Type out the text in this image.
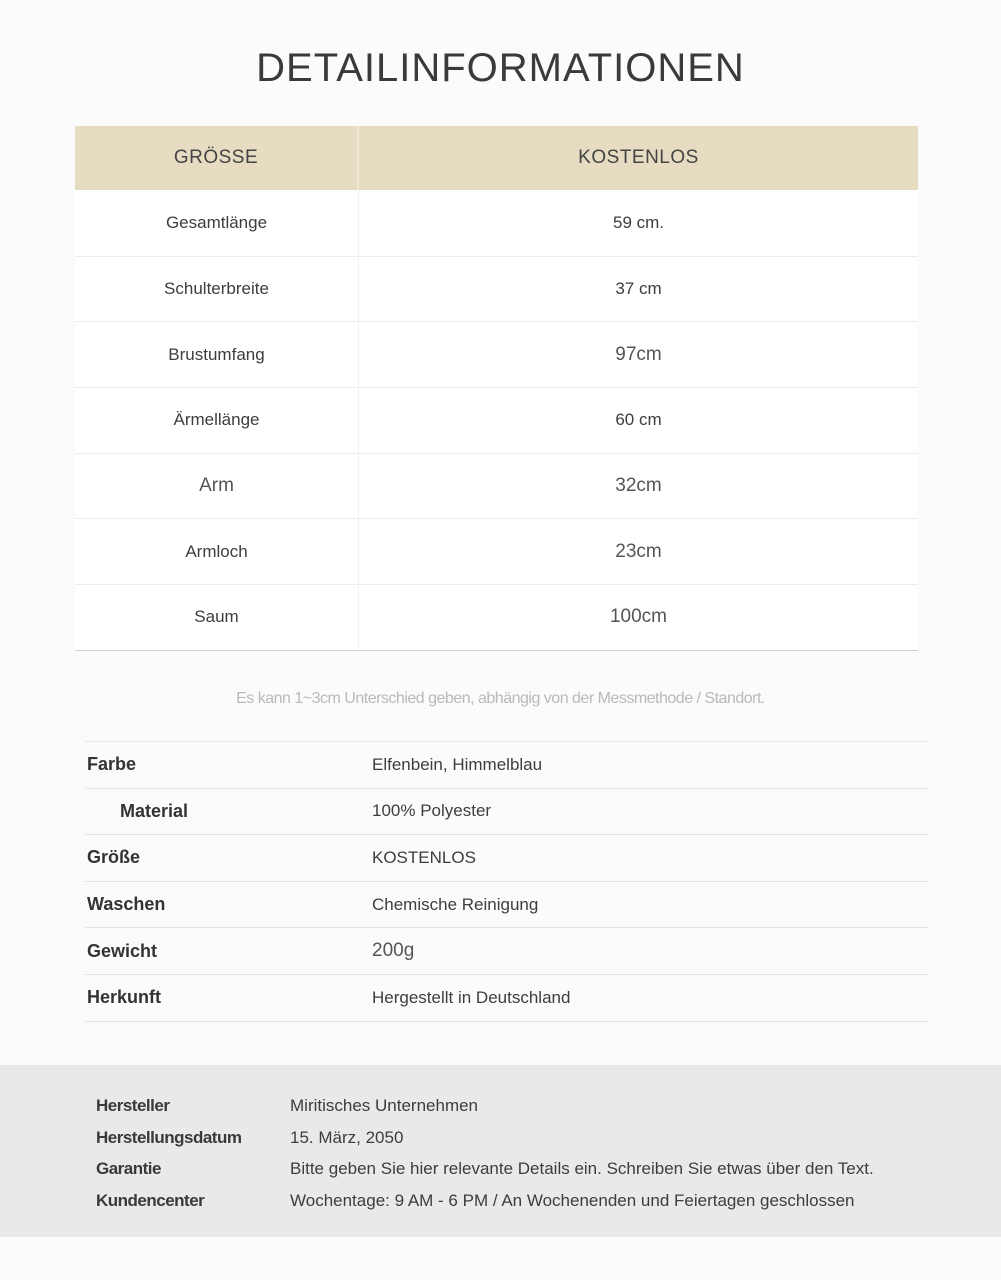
DETAILINFORMATIONEN
GRÖSSE	KOSTENLOS
Gesamtlänge	59 cm.
Schulterbreite	37 cm
Brustumfang	97cm
Ärmellänge	60 cm
Arm	32cm
Armloch	23cm
Saum	100cm
Es kann 1~3cm Unterschied geben, abhängig von der Messmethode / Standort.
Farbe	Elfenbein, Himmelblau
Material	100% Polyester
Größe	KOSTENLOS
Waschen	Chemische Reinigung
Gewicht	200g
Herkunft	Hergestellt in Deutschland
Hersteller	Miritisches Unternehmen
Herstellungsdatum	15. März, 2050
Garantie	Bitte geben Sie hier relevante Details ein. Schreiben Sie etwas über den Text.
Kundencenter	Wochentage: 9 AM - 6 PM / An Wochenenden und Feiertagen geschlossen
